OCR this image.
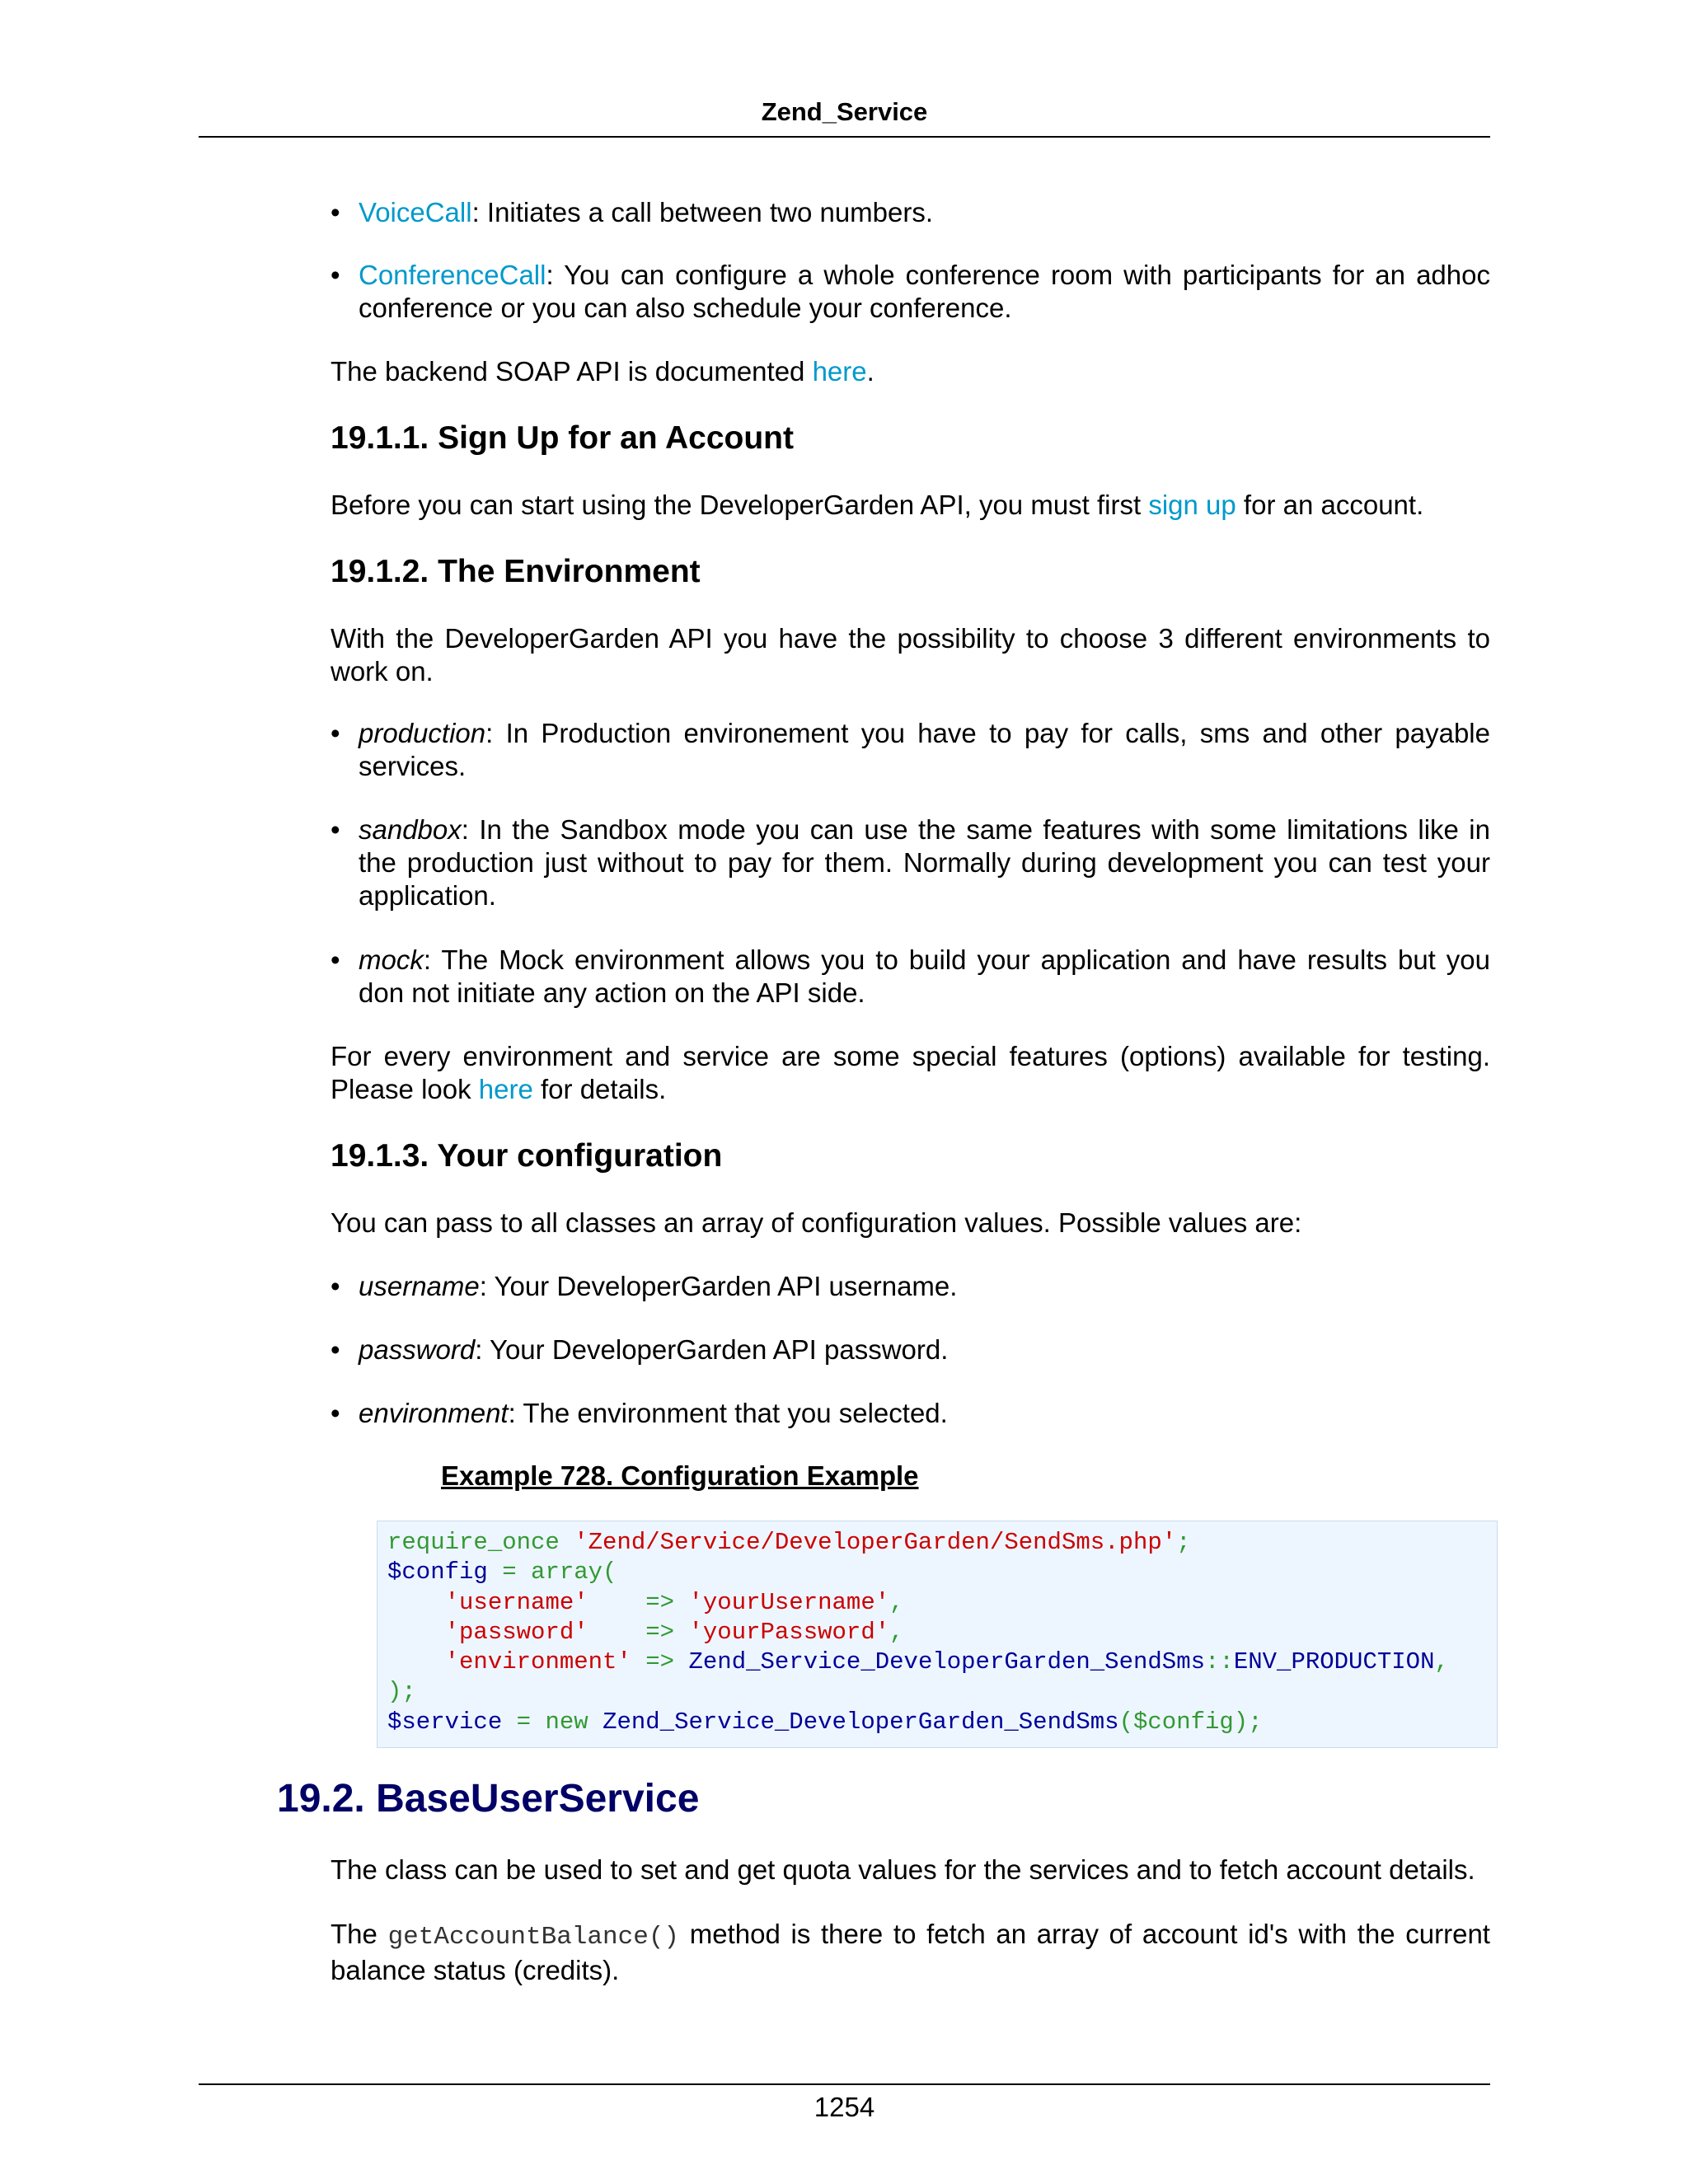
Zend_Service
• VoiceCall: Initiates a call between two numbers.
• ConferenceCall: You can configure a whole conference room with participants for an adhoc conference or you can also schedule your conference.

The backend SOAP API is documented here.

19.1.1. Sign Up for an Account

Before you can start using the DeveloperGarden API, you must first sign up for an account.

19.1.2. The Environment

With the DeveloperGarden API you have the possibility to choose 3 different environments to work on.

• production: In Production environement you have to pay for calls, sms and other payable services.
• sandbox: In the Sandbox mode you can use the same features with some limitations like in the production just without to pay for them. Normally during development you can test your application.
• mock: The Mock environment allows you to build your application and have results but you don not initiate any action on the API side.

For every environment and service are some special features (options) available for testing. Please look here for details.

19.1.3. Your configuration

You can pass to all classes an array of configuration values. Possible values are:

• username: Your DeveloperGarden API username.
• password: Your DeveloperGarden API password.
• environment: The environment that you selected.
Example 728. Configuration Example
require_once 'Zend/Service/DeveloperGarden/SendSms.php';
$config = array(
'username'    => 'yourUsername',
'password'    => 'yourPassword',
'environment' => Zend_Service_DeveloperGarden_SendSms::ENV_PRODUCTION,
);
$service = new Zend_Service_DeveloperGarden_SendSms($config);
19.2. BaseUserService

The class can be used to set and get quota values for the services and to fetch account details.

The getAccountBalance() method is there to fetch an array of account id's with the current balance status (credits).

1254
